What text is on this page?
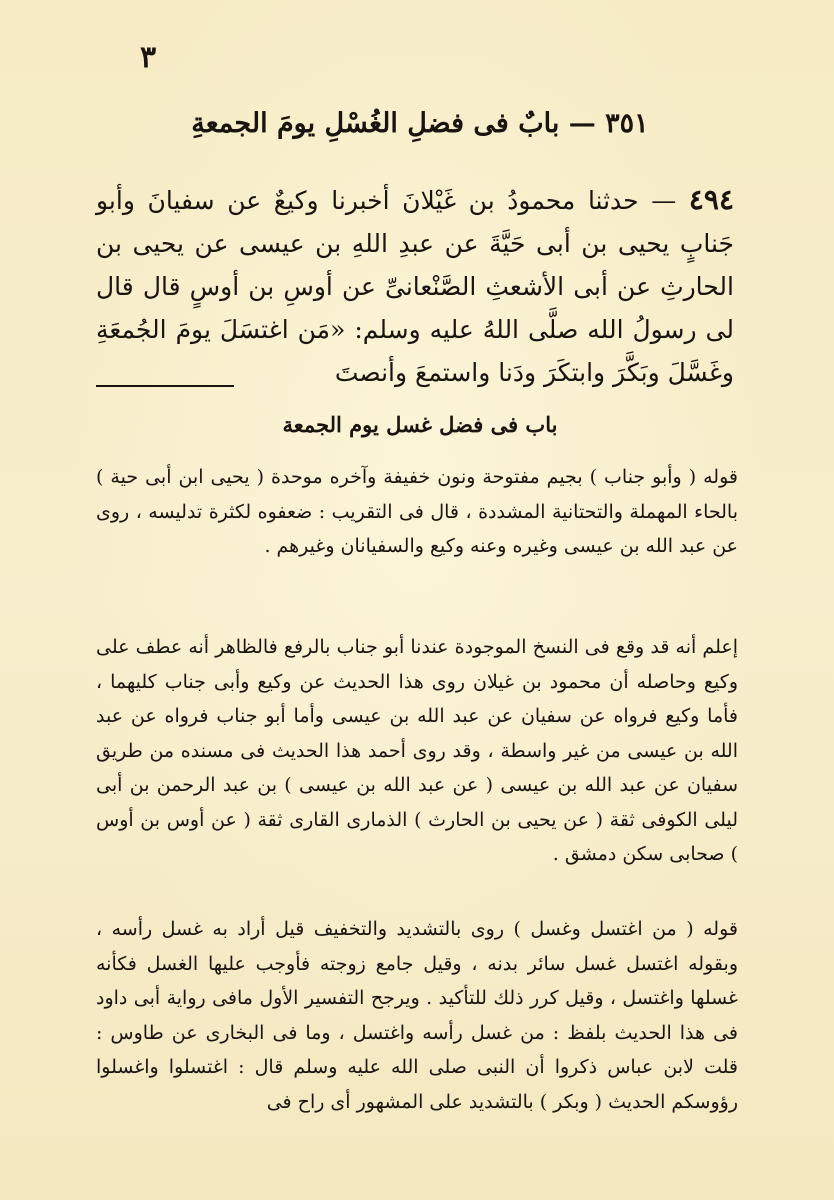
٣
٣٥١ — بابٌ فى فضلِ الغُسْلِ يومَ الجمعةِ
٤٩٤ — حدثنا محمودُ بن غَيْلانَ أخبرنا وكيعٌ عن سفيانَ وأبو جَنابٍ يحيى بن أبى حَيَّةَ عن عبدِ اللهِ بن عيسى عن يحيى بن الحارثِ عن أبى الأشعثِ الصَّنْعانىِّ عن أوسِ بن أوسٍ قال قال لى رسولُ الله صلَّى اللهُ عليه وسلم: «مَن اغتسَلَ يومَ الجُمعَةِ وغَسَّلَ وبَكَّرَ وابتكَرَ ودَنا واستمعَ وأنصتَ
باب فى فضل غسل يوم الجمعة
قوله ( وأبو جناب ) بجيم مفتوحة ونون خفيفة وآخره موحدة ( يحيى ابن أبى حية ) بالحاء المهملة والتحتانية المشددة ، قال فى التقريب : ضعفوه لكثرة تدليسه ، روى عن عبد الله بن عيسى وغيره وعنه وكيع والسفيانان وغيرهم .
إعلم أنه قد وقع فى النسخ الموجودة عندنا أبو جناب بالرفع فالظاهر أنه عطف على وكيع وحاصله أن محمود بن غيلان روى هذا الحديث عن وكيع وأبى جناب كليهما ، فأما وكيع فرواه عن سفيان عن عبد الله بن عيسى وأما أبو جناب فرواه عن عبد الله بن عيسى من غير واسطة ، وقد روى أحمد هذا الحديث فى مسنده من طريق سفيان عن عبد الله بن عيسى ( عن عبد الله بن عيسى ) بن عبد الرحمن بن أبى ليلى الكوفى ثقة ( عن يحيى بن الحارث ) الذمارى القارى ثقة ( عن أوس بن أوس ) صحابى سكن دمشق .
قوله ( من اغتسل وغسل ) روى بالتشديد والتخفيف قيل أراد به غسل رأسه ، وبقوله اغتسل غسل سائر بدنه ، وقيل جامع زوجته فأوجب عليها الغسل فكأنه غسلها واغتسل ، وقيل كرر ذلك للتأكيد . ويرجح التفسير الأول مافى رواية أبى داود فى هذا الحديث بلفظ : من غسل رأسه واغتسل ، وما فى البخارى عن طاوس : قلت لابن عباس ذكروا أن النبى صلى الله عليه وسلم قال : اغتسلوا واغسلوا رؤوسكم الحديث ( وبكر ) بالتشديد على المشهور أى راح فى
